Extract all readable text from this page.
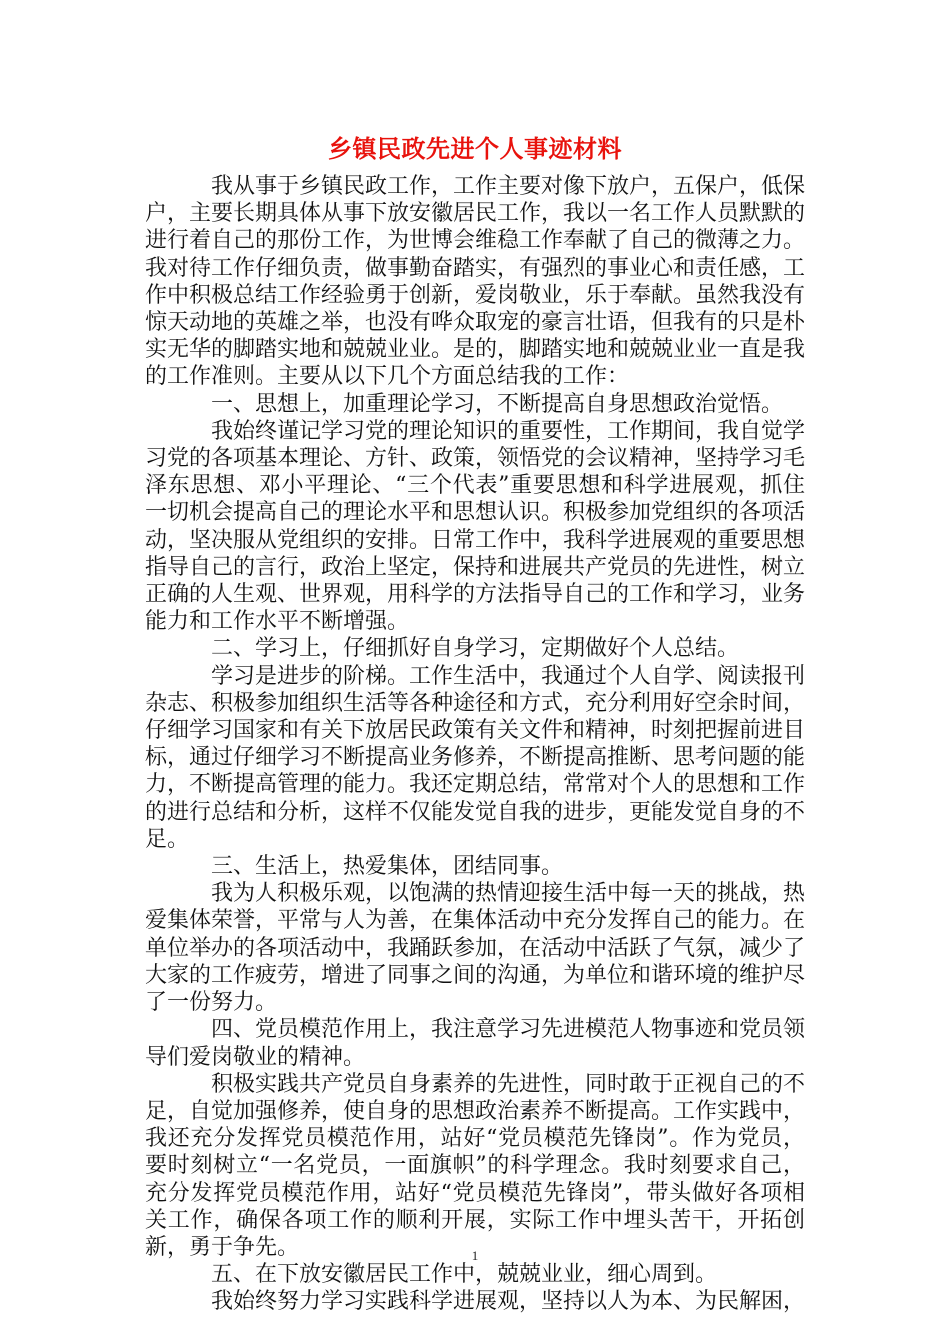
乡镇民政先进个人事迹材料

我从事于乡镇民政工作，工作主要对像下放户，五保户，低保户，主要长期具体从事下放安徽居民工作，我以一名工作人员默默的进行着自己的那份工作，为世博会维稳工作奉献了自己的微薄之力。我对待工作仔细负责，做事勤奋踏实，有强烈的事业心和责任感，工作中积极总结工作经验勇于创新，爱岗敬业，乐于奉献。虽然我没有惊天动地的英雄之举，也没有哗众取宠的豪言壮语，但我有的只是朴实无华的脚踏实地和兢兢业业。是的，脚踏实地和兢兢业业一直是我的工作准则。主要从以下几个方面总结我的工作：

一、思想上，加重理论学习，不断提高自身思想政治觉悟。

我始终谨记学习党的理论知识的重要性，工作期间，我自觉学习党的各项基本理论、方针、政策，领悟党的会议精神，坚持学习毛泽东思想、邓小平理论、“三个代表”重要思想和科学进展观，抓住一切机会提高自己的理论水平和思想认识。积极参加党组织的各项活动，坚决服从党组织的安排。日常工作中，我科学进展观的重要思想指导自己的言行，政治上坚定，保持和进展共产党员的先进性，树立正确的人生观、世界观，用科学的方法指导自己的工作和学习，业务能力和工作水平不断增强。

二、学习上，仔细抓好自身学习，定期做好个人总结。

学习是进步的阶梯。工作生活中，我通过个人自学、阅读报刊杂志、积极参加组织生活等各种途径和方式，充分利用好空余时间，仔细学习国家和有关下放居民政策有关文件和精神，时刻把握前进目标，通过仔细学习不断提高业务修养，不断提高推断、思考问题的能力，不断提高管理的能力。我还定期总结，常常对个人的思想和工作的进行总结和分析，这样不仅能发觉自我的进步，更能发觉自身的不足。

三、生活上，热爱集体，团结同事。

我为人积极乐观，以饱满的热情迎接生活中每一天的挑战，热爱集体荣誉，平常与人为善，在集体活动中充分发挥自己的能力。在单位举办的各项活动中，我踊跃参加，在活动中活跃了气氛，减少了大家的工作疲劳，增进了同事之间的沟通，为单位和谐环境的维护尽了一份努力。

四、党员模范作用上，我注意学习先进模范人物事迹和党员领导们爱岗敬业的精神。

积极实践共产党员自身素养的先进性，同时敢于正视自己的不足，自觉加强修养，使自身的思想政治素养不断提高。工作实践中，我还充分发挥党员模范作用，站好“党员模范先锋岗”。作为党员，要时刻树立“一名党员，一面旗帜”的科学理念。我时刻要求自己，充分发挥党员模范作用，站好“党员模范先锋岗”，带头做好各项相关工作，确保各项工作的顺利开展，实际工作中埋头苦干，开拓创新，勇于争先。

五、在下放安徽居民工作中，兢兢业业，细心周到。

我始终努力学习实践科学进展观，坚持以人为本、为民解困，

1
